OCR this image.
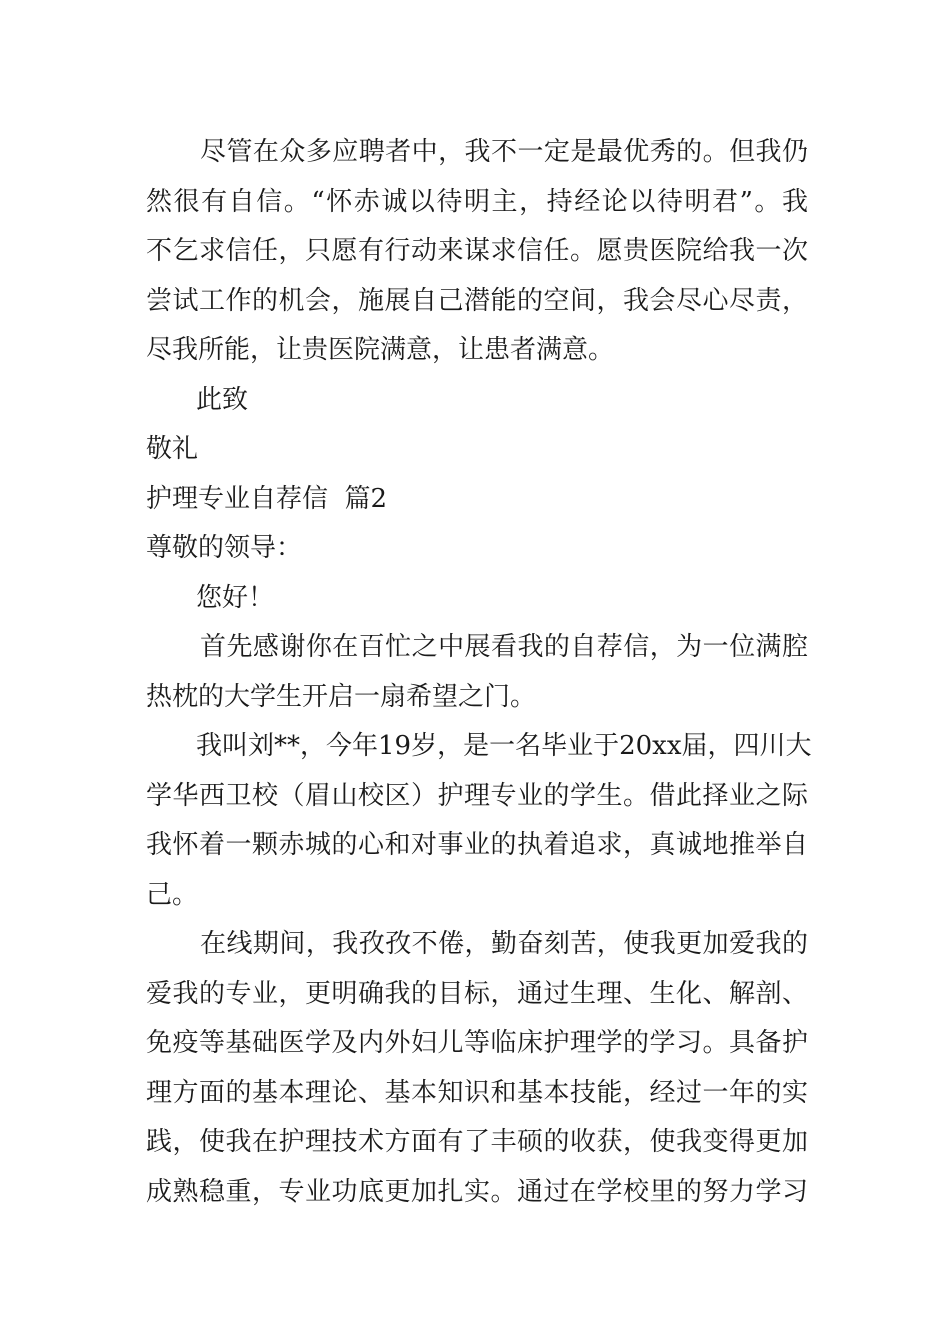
尽管在众多应聘者中，我不一定是最优秀的。但我仍
然很有自信。“怀赤诚以待明主，持经论以待明君”。我
不乞求信任，只愿有行动来谋求信任。愿贵医院给我一次
尝试工作的机会，施展自己潜能的空间，我会尽心尽责，
尽我所能，让贵医院满意，让患者满意。
此致
敬礼
护理专业自荐信  篇2
尊敬的领导：
您好！
首先感谢你在百忙之中展看我的自荐信，为一位满腔
热枕的大学生开启一扇希望之门。
我叫刘**，今年19岁，是一名毕业于20xx届，四川大
学华西卫校（眉山校区）护理专业的学生。借此择业之际
我怀着一颗赤城的心和对事业的执着追求，真诚地推举自
己。
在线期间，我孜孜不倦，勤奋刻苦，使我更加爱我的
爱我的专业，更明确我的目标，通过生理、生化、解剖、
免疫等基础医学及内外妇儿等临床护理学的学习。具备护
理方面的基本理论、基本知识和基本技能，经过一年的实
践，使我在护理技术方面有了丰硕的收获，使我变得更加
成熟稳重，专业功底更加扎实。通过在学校里的努力学习
